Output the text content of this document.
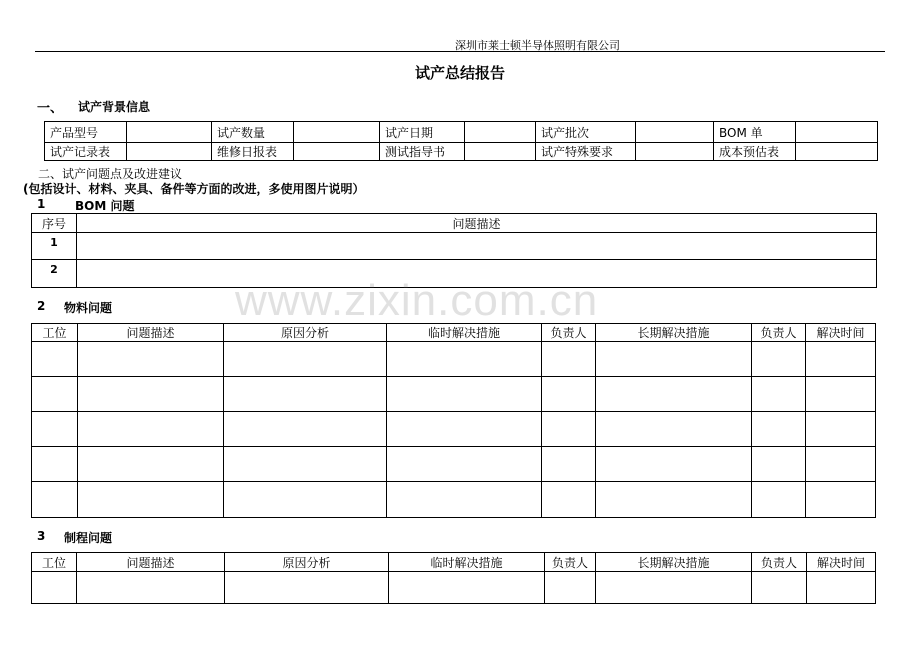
深圳市莱士顿半导体照明有限公司
试产总结报告
一、 试产背景信息
产品型号		试产数量		试产日期		试产批次		BOM 单	
试产记录表		维修日报表		测试指导书		试产特殊要求		成本预估表	
二、试产问题点及改进建议
(包括设计、材料、夹具、备件等方面的改进，多使用图片说明）
1 BOM 问题
序号	问题描述
1	
2	
2 物料问题
工位	问题描述	原因分析	临时解决措施	负责人	长期解决措施	负责人	解决时间

3 制程问题
工位	问题描述	原因分析	临时解决措施	负责人	长期解决措施	负责人	解决时间

www.zixin.com.cn
